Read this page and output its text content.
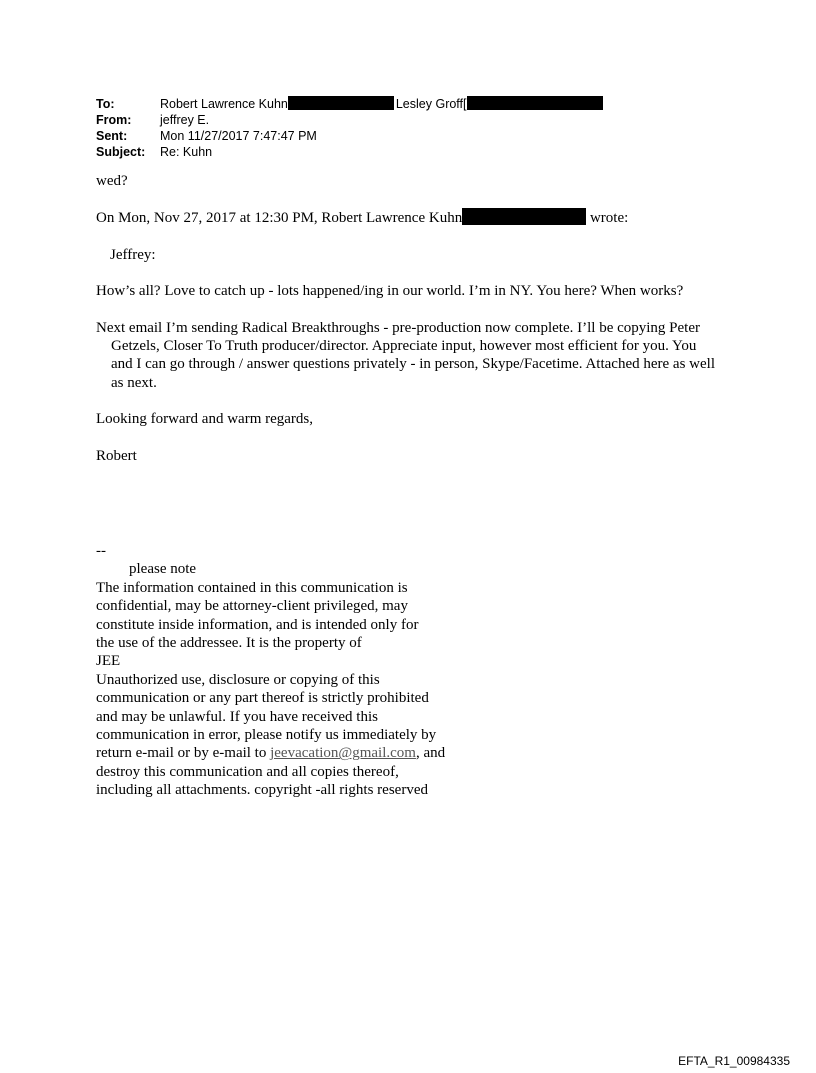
To:	Robert Lawrence Kuhn	Lesley Groff[
From:	jeffrey E.
Sent:	Mon 11/27/2017 7:47:47 PM
Subject:	Re: Kuhn

wed?

On Mon, Nov 27, 2017 at 12:30 PM, Robert Lawrence Kuhn	wrote:

Jeffrey:

How’s all? Love to catch up - lots happened/ing in our world. I’m in NY. You here? When works?

Next email I’m sending Radical Breakthroughs - pre-production now complete. I’ll be copying Peter Getzels, Closer To Truth producer/director. Appreciate input, however most efficient for you. You and I can go through / answer questions privately - in person, Skype/Facetime. Attached here as well as next.

Looking forward and warm regards,

Robert

--
please note
The information contained in this communication is
confidential, may be attorney-client privileged, may
constitute inside information, and is intended only for
the use of the addressee. It is the property of
JEE
Unauthorized use, disclosure or copying of this
communication or any part thereof is strictly prohibited
and may be unlawful. If you have received this
communication in error, please notify us immediately by
return e-mail or by e-mail to jeevacation@gmail.com, and
destroy this communication and all copies thereof,
including all attachments. copyright -all rights reserved
EFTA_R1_00984335
